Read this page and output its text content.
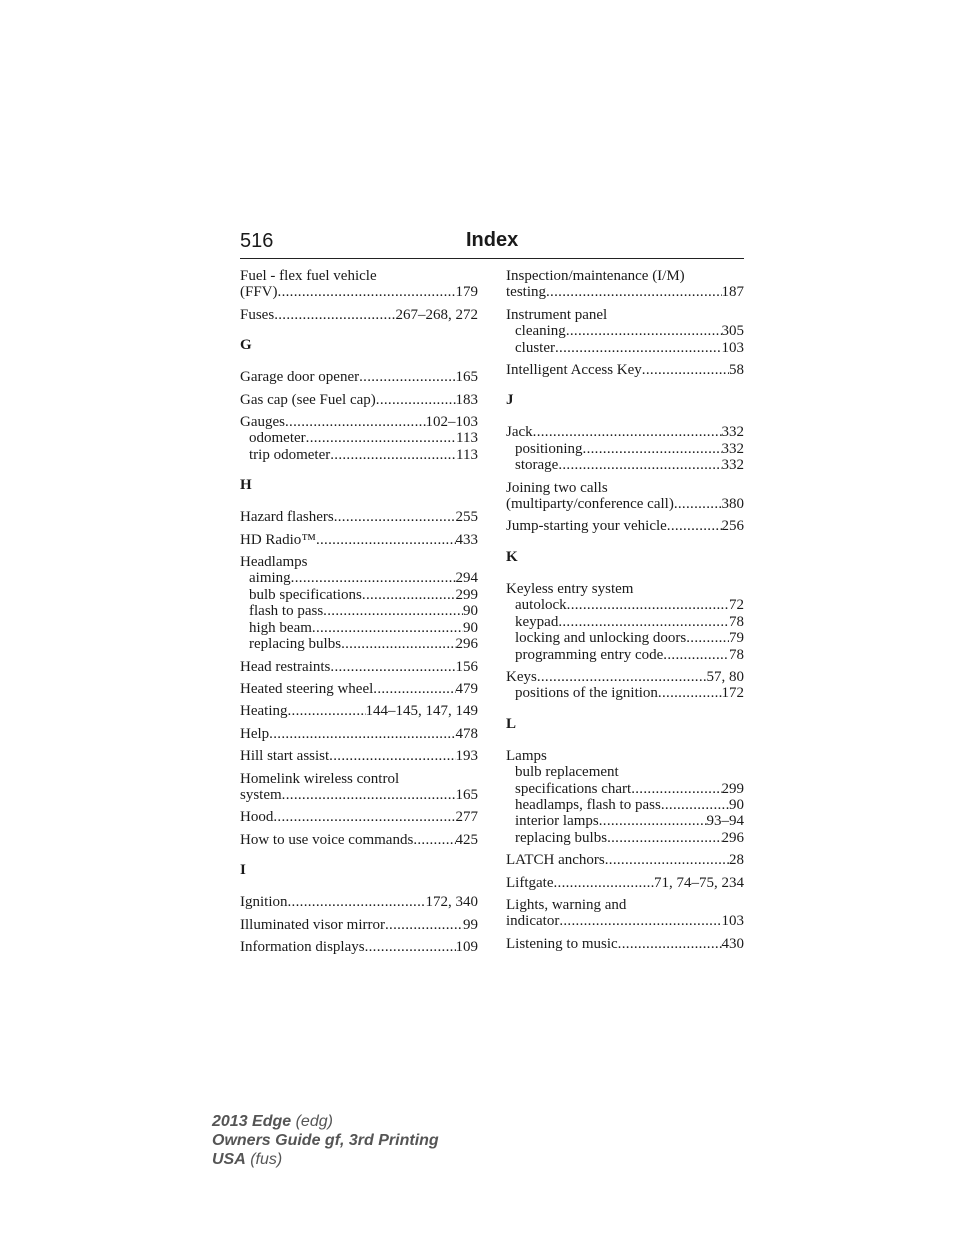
516	Index
Fuel - flex fuel vehicle
(FFV) .....	179
Fuses .....	267–268, 272
G
Garage door opener .....	165
Gas cap (see Fuel cap) .....	183
Gauges .....	102–103
odometer .....	113
trip odometer .....	113
H
Hazard flashers .....	255
HD Radio™ .....	433
Headlamps
aiming .....	294
bulb specifications .....	299
flash to pass .....	90
high beam .....	90
replacing bulbs .....	296
Head restraints .....	156
Heated steering wheel .....	479
Heating .....	144–145, 147, 149
Help .....	478
Hill start assist .....	193
Homelink wireless control
system .....	165
Hood .....	277
How to use voice commands .....	425
I
Ignition .....	172, 340
Illuminated visor mirror .....	99
Information displays .....	109
Inspection/maintenance (I/M)
testing .....	187
Instrument panel
cleaning .....	305
cluster .....	103
Intelligent Access Key .....	58
J
Jack .....	332
positioning .....	332
storage .....	332
Joining two calls
(multiparty/conference call) .....	380
Jump-starting your vehicle .....	256
K
Keyless entry system
autolock .....	72
keypad .....	78
locking and unlocking doors .....	79
programming entry code .....	78
Keys .....	57, 80
positions of the ignition .....	172
L
Lamps
bulb replacement
specifications chart .....	299
headlamps, flash to pass .....	90
interior lamps .....	93–94
replacing bulbs .....	296
LATCH anchors .....	28
Liftgate .....	71, 74–75, 234
Lights, warning and
indicator .....	103
Listening to music .....	430
2013 Edge (edg)
Owners Guide gf, 3rd Printing
USA (fus)
